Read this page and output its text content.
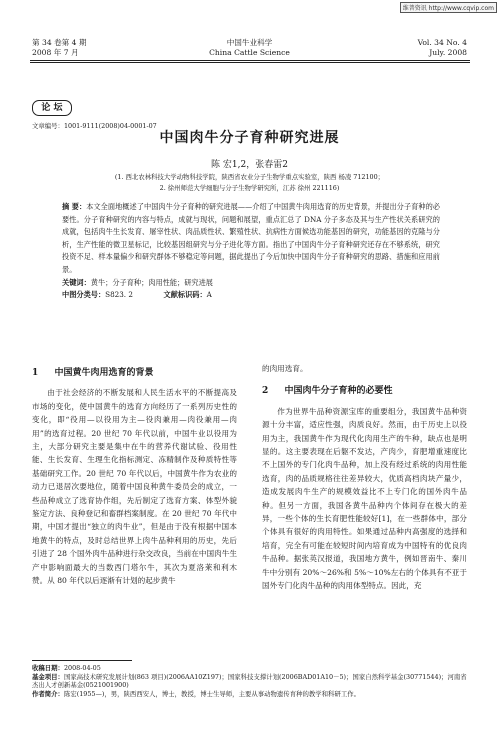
维普资讯 http://www.cqvip.com
第 34 卷第 4 期
2008 年 7 月
中国牛业科学
China Cattle Science
Vol. 34 No. 4
July. 2008
论 坛
文章编号：1001-9111(2008)04-0001-07
中国肉牛分子育种研究进展
陈 宏1,2，张春雷2
(1. 西北农林科技大学动物科技学院，陕西省农业分子生物学重点实验室，陕西 杨凌 712100；
2. 徐州师范大学细胞与分子生物学研究所，江苏 徐州 221116)
摘 要：本文全面地概述了中国肉牛分子育种的研究进展——介绍了中国黄牛肉用选育的历史背景，并提出分子育种的必要性。分子育种研究的内容与特点，成就与现状，问题和展望，重点汇总了 DNA 分子多态及其与生产性状关系研究的成就，包括肉牛生长发育、屠宰性状、肉品质性状、繁殖性状、抗病性方面候选功能基因的研究，功能基因的克隆与分析，生产性能的微卫星标记，比较基因组研究与分子进化等方面。指出了中国肉牛分子育种研究还存在不够系统，研究投资不足、样本量偏少和研究群体不够稳定等问题，据此提出了今后加快中国肉牛分子育种研究的思路、措施和应用前景。
关键词：黄牛；分子育种；肉用性能；研究进展
中图分类号：S823. 2	文献标识码：A
1 中国黄牛肉用选育的背景

由于社会经济的不断发展和人民生活水平的不断提高及市场的变化，使中国黄牛的选育方向经历了一系列历史性的变化，即“役用—以役用为主—役肉兼用—肉役兼用—肉用”的选育过程。20 世纪 70 年代以前，中国牛业以役用为主，大部分研究主要是集中在牛的营养代谢试验、役用性能、生长发育、生理生化指标测定、冻精制作及种质特性等基础研究工作。20 世纪 70 年代以后，中国黄牛作为农业的动力已退居次要地位，随着中国良种黄牛委员会的成立，一些品种成立了选育协作组，先后制定了选育方案、体型外貌鉴定方法、良种登记和畜群档案制度。在 20 世纪 70 年代中期，中国才提出“独立的肉牛业”，但是由于没有根据中国本地黄牛的特点，及时总结世界上肉牛品种利用的历史，先后引进了 28 个国外肉牛品种进行杂交改良，当前在中国肉牛生产中影响面最大的当数西门塔尔牛，其次为夏洛莱和利木赞。从 80 年代以后逐渐有计划的起步黄牛

的肉用选育。
2 中国肉牛分子育种的必要性

作为世界牛品种资源宝库的重要组分，我国黄牛品种资源十分丰富，适应性强，肉质良好。然而，由于历史上以役用为主，我国黄牛作为现代化肉用生产的牛种，缺点也是明显的。这主要表现在后躯不发达，产肉少，育肥增重速度比不上国外的专门化肉牛品种，加上没有经过系统的肉用性能选育，肉的品质规格往往差异较大，优质高档肉块产量少，造成发展肉牛生产的规模效益比不上专门化的国外肉牛品种。但另一方面，我国各黄牛品种内个体间存在极大的差异，一些个体的生长育肥性能较好[1]，在一些群体中，部分个体具有很好的肉用特性。如果通过品种内高强度的选择和培育，完全有可能在较短时间内培育成为中国特有的优良肉牛品种。据张英汉报道，我国地方黄牛，例如晋南牛、秦川牛中分别有 20%～26%和 5%～10%左右的个体具有不亚于国外专门化肉牛品种的肉用体型特点。因此，充

收稿日期：2008-04-05
基金项目：国家高技术研究发展计划(863 项目)(2006AA10Z197)；国家科技支撑计划(2006BAD01A10－5)；国家自然科学基金(30771544)；河南省杰出人才创新基金(0521001900)
作者简介：陈宏(1955—)，男，陕西西安人，博士，教授，博士生导师，主要从事动物遗传育种的教学和科研工作。
